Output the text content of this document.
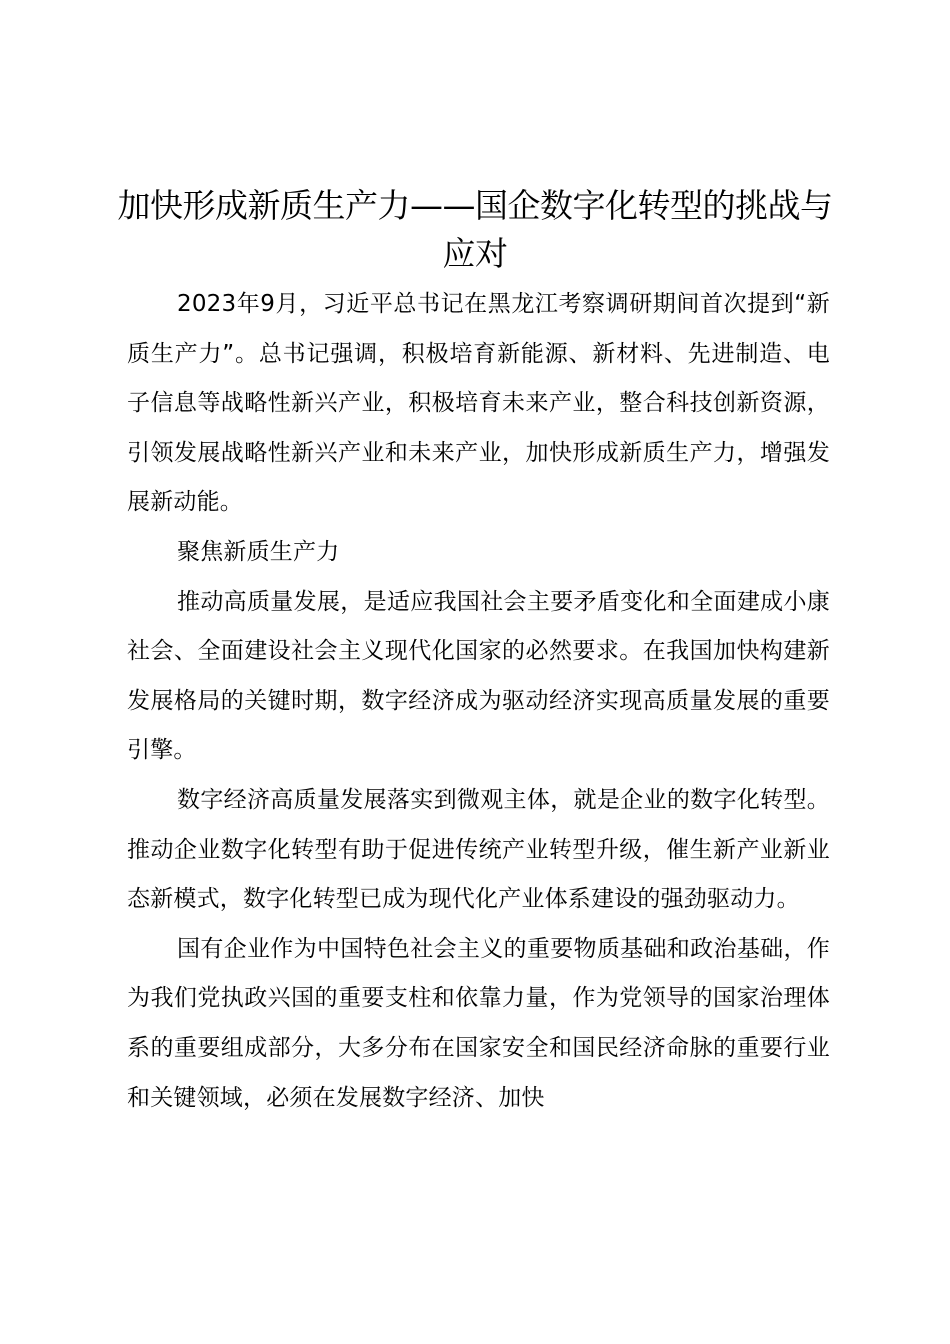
加快形成新质生产力——国企数字化转型的挑战与应对

2023年9月，习近平总书记在黑龙江考察调研期间首次提到“新质生产力”。总书记强调，积极培育新能源、新材料、先进制造、电子信息等战略性新兴产业，积极培育未来产业，整合科技创新资源，引领发展战略性新兴产业和未来产业，加快形成新质生产力，增强发展新动能。

聚焦新质生产力

推动高质量发展，是适应我国社会主要矛盾变化和全面建成小康社会、全面建设社会主义现代化国家的必然要求。在我国加快构建新发展格局的关键时期，数字经济成为驱动经济实现高质量发展的重要引擎。

数字经济高质量发展落实到微观主体，就是企业的数字化转型。推动企业数字化转型有助于促进传统产业转型升级，催生新产业新业态新模式，数字化转型已成为现代化产业体系建设的强劲驱动力。

国有企业作为中国特色社会主义的重要物质基础和政治基础，作为我们党执政兴国的重要支柱和依靠力量，作为党领导的国家治理体系的重要组成部分，大多分布在国家安全和国民经济命脉的重要行业和关键领域，必须在发展数字经济、加快
